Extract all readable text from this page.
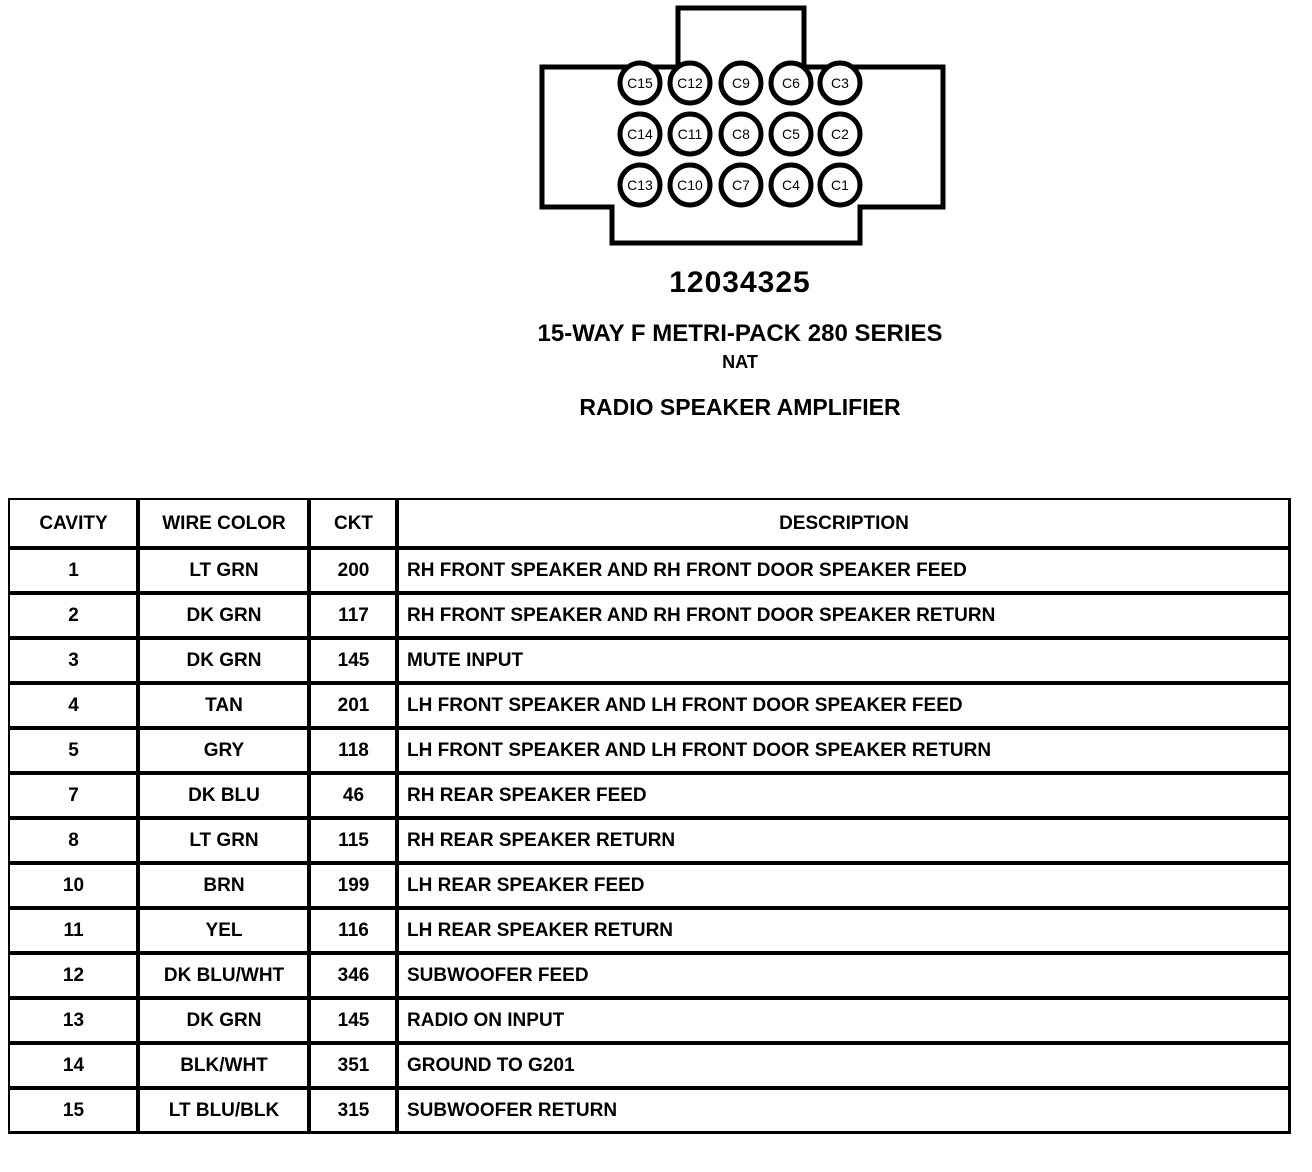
C15 C12 C9 C6 C3
C14 C11 C8 C5 C2
C13 C10 C7 C4 C1
12034325
15-WAY F METRI-PACK 280 SERIES
NAT
RADIO SPEAKER AMPLIFIER
CAVITY	WIRE COLOR	CKT	DESCRIPTION
1	LT GRN	200	RH FRONT SPEAKER AND RH FRONT DOOR SPEAKER FEED
2	DK GRN	117	RH FRONT SPEAKER AND RH FRONT DOOR SPEAKER RETURN
3	DK GRN	145	MUTE INPUT
4	TAN	201	LH FRONT SPEAKER AND LH FRONT DOOR SPEAKER FEED
5	GRY	118	LH FRONT SPEAKER AND LH FRONT DOOR SPEAKER RETURN
7	DK BLU	46	RH REAR SPEAKER FEED
8	LT GRN	115	RH REAR SPEAKER RETURN
10	BRN	199	LH REAR SPEAKER FEED
11	YEL	116	LH REAR SPEAKER RETURN
12	DK BLU/WHT	346	SUBWOOFER FEED
13	DK GRN	145	RADIO ON INPUT
14	BLK/WHT	351	GROUND TO G201
15	LT BLU/BLK	315	SUBWOOFER RETURN
